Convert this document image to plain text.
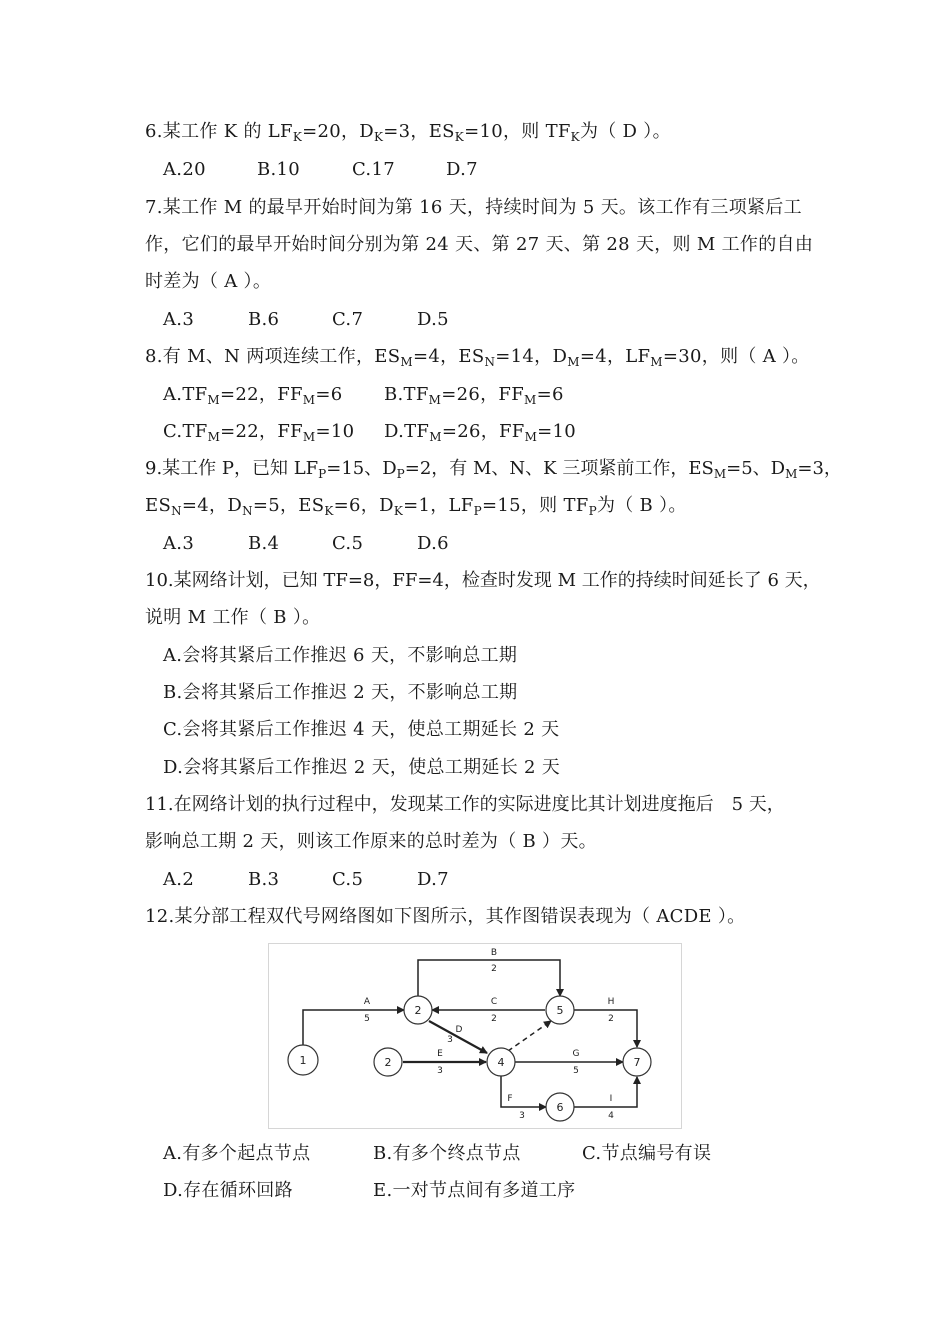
6.某工作 K 的 $LF_K=20$，$D_K=3$，$ES_K=10$，则 $TF_K$为（ D ）。
A.20	B.10	C.17	D.7
7.某工作 M 的最早开始时间为第 16 天，持续时间为 5 天。该工作有三项紧后工
作，它们的最早开始时间分别为第 24 天、第 27 天、第 28 天，则 M 工作的自由
时差为（ A ）。
A.3	B.6	C.7	D.5
8.有 M、N 两项连续工作，$ES_M=4$，$ES_N=14$，$D_M=4$，$LF_M=30$，则（ A ）。
$A.TF_M=22$，$FF_M=6$ $B.TF_M=26$，$FF_M=6$
$C.TF_M=22$，$FF_M=10$ $D.TF_M=26$，$FF_M=10$
9.某工作 P，已知 $LF_P=15$、$D_P=2$，有 M、N、K 三项紧前工作，$ES_M=5$、$D_M=3$，
$ES_N=4$，$D_N=5$，$ES_K=6$，$D_K=1$，$LF_P=15$，则 $TF_P$为（ B ）。
A.3	B.4	C.5	D.6
10.某网络计划，已知 TF=8，FF=4，检查时发现 M 工作的持续时间延长了 6 天，
说明 M 工作（ B ）。
A.会将其紧后工作推迟 6 天，不影响总工期
B.会将其紧后工作推迟 2 天，不影响总工期
C.会将其紧后工作推迟 4 天，使总工期延长 2 天
D.会将其紧后工作推迟 2 天，使总工期延长 2 天
11.在网络计划的执行过程中，发现某工作的实际进度比其计划进度拖后　5 天，
影响总工期 2 天，则该工作原来的总时差为（ B ）天。
A.2	B.3	C.5	D.7
12.某分部工程双代号网络图如下图所示，其作图错误表现为（ ACDE ）。
1
2
2	4
5
6
7
A
5
B
2
C
2
D
3
E
3
F
3
G
5
H
2
I
4
A.有多个起点节点	B.有多个终点节点	C.节点编号有误
D.存在循环回路	E.一对节点间有多道工序
